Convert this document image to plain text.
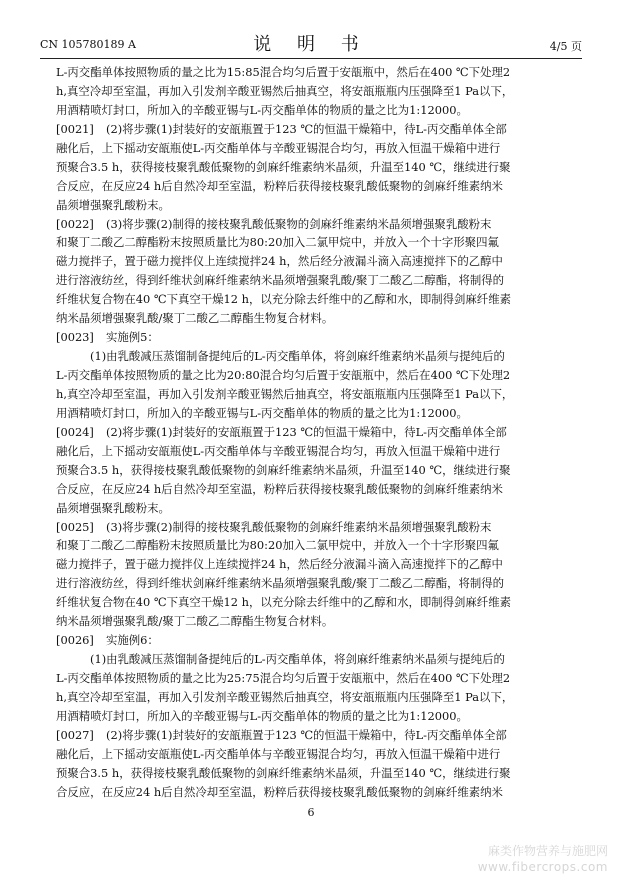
CN 105780189 A	说 明 书	4/5 页
L-丙交酯单体按照物质的量之比为15:85混合均匀后置于安瓿瓶中，然后在400 ℃下处理2
h,真空冷却至室温，再加入引发剂辛酸亚锡然后抽真空，将安瓿瓶瓶内压强降至1 Pa以下，
用酒精喷灯封口，所加入的辛酸亚锡与L-丙交酯单体的物质的量之比为1:12000。
[0021] (2)将步骤(1)封装好的安瓿瓶置于123 ℃的恒温干燥箱中，待L-丙交酯单体全部
融化后，上下摇动安瓿瓶使L-丙交酯单体与辛酸亚锡混合均匀，再放入恒温干燥箱中进行
预聚合3.5 h，获得接枝聚乳酸低聚物的剑麻纤维素纳米晶须，升温至140 ℃，继续进行聚
合反应，在反应24 h后自然冷却至室温，粉粹后获得接枝聚乳酸低聚物的剑麻纤维素纳米
晶须增强聚乳酸粉末。
[0022] (3)将步骤(2)制得的接枝聚乳酸低聚物的剑麻纤维素纳米晶须增强聚乳酸粉末
和聚丁二酸乙二醇酯粉末按照质量比为80:20加入二氯甲烷中，并放入一个十字形聚四氟
磁力搅拌子，置于磁力搅拌仪上连续搅拌24 h，然后经分液漏斗滴入高速搅拌下的乙醇中
进行溶液纺丝，得到纤维状剑麻纤维素纳米晶须增强聚乳酸/聚丁二酸乙二醇酯，将制得的
纤维状复合物在40 ℃下真空干燥12 h，以充分除去纤维中的乙醇和水，即制得剑麻纤维素
纳米晶须增强聚乳酸/聚丁二酸乙二醇酯生物复合材料。
[0023] 实施例5：
(1)由乳酸减压蒸馏制备提纯后的L-丙交酯单体，将剑麻纤维素纳米晶须与提纯后的
L-丙交酯单体按照物质的量之比为20:80混合均匀后置于安瓿瓶中，然后在400 ℃下处理2
h,真空冷却至室温，再加入引发剂辛酸亚锡然后抽真空，将安瓿瓶瓶内压强降至1 Pa以下，
用酒精喷灯封口，所加入的辛酸亚锡与L-丙交酯单体的物质的量之比为1:12000。
[0024] (2)将步骤(1)封装好的安瓿瓶置于123 ℃的恒温干燥箱中，待L-丙交酯单体全部
融化后，上下摇动安瓿瓶使L-丙交酯单体与辛酸亚锡混合均匀，再放入恒温干燥箱中进行
预聚合3.5 h，获得接枝聚乳酸低聚物的剑麻纤维素纳米晶须，升温至140 ℃，继续进行聚
合反应，在反应24 h后自然冷却至室温，粉粹后获得接枝聚乳酸低聚物的剑麻纤维素纳米
晶须增强聚乳酸粉末。
[0025] (3)将步骤(2)制得的接枝聚乳酸低聚物的剑麻纤维素纳米晶须增强聚乳酸粉末
和聚丁二酸乙二醇酯粉末按照质量比为80:20加入二氯甲烷中，并放入一个十字形聚四氟
磁力搅拌子，置于磁力搅拌仪上连续搅拌24 h，然后经分液漏斗滴入高速搅拌下的乙醇中
进行溶液纺丝，得到纤维状剑麻纤维素纳米晶须增强聚乳酸/聚丁二酸乙二醇酯，将制得的
纤维状复合物在40 ℃下真空干燥12 h，以充分除去纤维中的乙醇和水，即制得剑麻纤维素
纳米晶须增强聚乳酸/聚丁二酸乙二醇酯生物复合材料。
[0026] 实施例6：
(1)由乳酸减压蒸馏制备提纯后的L-丙交酯单体，将剑麻纤维素纳米晶须与提纯后的
L-丙交酯单体按照物质的量之比为25:75混合均匀后置于安瓿瓶中，然后在400 ℃下处理2
h,真空冷却至室温，再加入引发剂辛酸亚锡然后抽真空，将安瓿瓶瓶内压强降至1 Pa以下，
用酒精喷灯封口，所加入的辛酸亚锡与L-丙交酯单体的物质的量之比为1:12000。
[0027] (2)将步骤(1)封装好的安瓿瓶置于123 ℃的恒温干燥箱中，待L-丙交酯单体全部
融化后，上下摇动安瓿瓶使L-丙交酯单体与辛酸亚锡混合均匀，再放入恒温干燥箱中进行
预聚合3.5 h，获得接枝聚乳酸低聚物的剑麻纤维素纳米晶须，升温至140 ℃，继续进行聚
合反应，在反应24 h后自然冷却至室温，粉粹后获得接枝聚乳酸低聚物的剑麻纤维素纳米
6
麻类作物营养与施肥网
www.fibercrops.com
